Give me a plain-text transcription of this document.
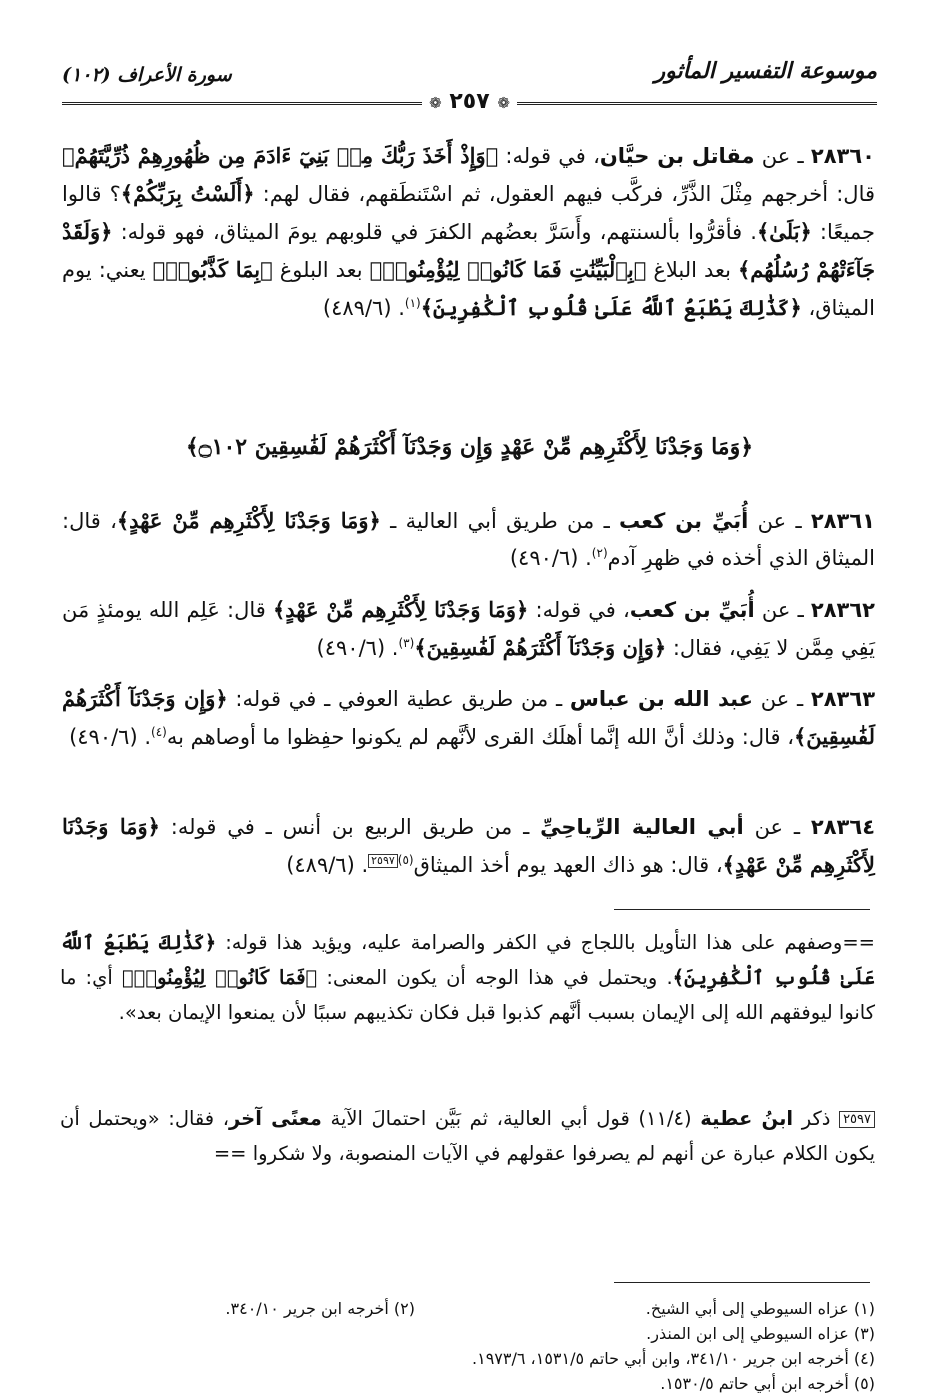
موسوعة التفسير المأثور
سورة الأعراف (١٠٢)
❁ ٢٥٧ ❁

٢٨٣٦٠ ـ عن مقاتل بن حيَّان، في قوله: ﴿وَإِذْ أَخَذَ رَبُّكَ مِنۢ بَنِيٓ ءَادَمَ مِن ظُهُورِهِمْ ذُرِّيَّتَهُمْ﴾ قال: أخرجهم مِثْلَ الذَّرِّ، فركَّب فيهم العقول، ثم اسْتَنطَقهم، فقال لهم: ﴿أَلَسْتُ بِرَبِّكُمْ﴾؟ قالوا جميعًا: ﴿بَلَىٰ﴾. فأقرُّوا بألسنتهم، وأَسَرَّ بعضُهم الكفرَ في قلوبهم يومَ الميثاق، فهو قوله: ﴿وَلَقَدْ جَآءَتْهُمْ رُسُلُهُم﴾ بعد البلاغ ﴿بِٱلْبَيِّنَٰتِ فَمَا كَانُوا۟ لِيُؤْمِنُوا۟﴾ بعد البلوغ ﴿بِمَا كَذَّبُوا۟﴾ يعني: يوم الميثاق، ﴿كَذَٰلِكَ يَطْبَعُ ٱللَّهُ عَلَىٰ قُلُوبِ ٱلْكَٰفِرِينَ﴾$^{(١)}$. (٤٨٩/٦)

﴿وَمَا وَجَدْنَا لِأَكْثَرِهِم مِّنْ عَهْدٍ وَإِن وَجَدْنَآ أَكْثَرَهُمْ لَفَٰسِقِينَ ۝١٠٢﴾

٢٨٣٦١ ـ عن أُبَيِّ بن كعب ـ من طريق أبي العالية ـ ﴿وَمَا وَجَدْنَا لِأَكْثَرِهِم مِّنْ عَهْدٍ﴾، قال: الميثاق الذي أخذه في ظهرِ آدم$^{(٢)}$. (٤٩٠/٦)

٢٨٣٦٢ ـ عن أُبَيِّ بن كعب، في قوله: ﴿وَمَا وَجَدْنَا لِأَكْثَرِهِم مِّنْ عَهْدٍ﴾ قال: عَلِم الله يومئذٍ مَن يَفِي مِمَّن لا يَفِي، فقال: ﴿وَإِن وَجَدْنَآ أَكْثَرَهُمْ لَفَٰسِقِينَ﴾$^{(٣)}$. (٤٩٠/٦)

٢٨٣٦٣ ـ عن عبد الله بن عباس ـ من طريق عطية العوفي ـ في قوله: ﴿وَإِن وَجَدْنَآ أَكْثَرَهُمْ لَفَٰسِقِينَ﴾، قال: وذلك أنَّ الله إنَّما أهلَك القرى لأنَّهم لم يكونوا حفِظوا ما أوصاهم به$^{(٤)}$. (٤٩٠/٦)

٢٨٣٦٤ ـ عن أبي العالية الرِّياحِيِّ ـ من طريق الربيع بن أنس ـ في قوله: ﴿وَمَا وَجَدْنَا لِأَكْثَرِهِم مِّنْ عَهْدٍ﴾، قال: هو ذاك العهد يوم أخذ الميثاق$^{(٥)}$٢٥٩٧. (٤٨٩/٦)

==وصفهم على هذا التأويل باللجاج في الكفر والصرامة عليه، ويؤيد هذا قوله: ﴿كَذَٰلِكَ يَطْبَعُ ٱللَّهُ عَلَىٰ قُلُوبِ ٱلْكَٰفِرِينَ﴾. ويحتمل في هذا الوجه أن يكون المعنى: ﴿فَمَا كَانُوا۟ لِيُؤْمِنُوا۟﴾ أي: ما كانوا ليوفقهم الله إلى الإيمان بسبب أنَّهم كذبوا قبل فكان تكذيبهم سببًا لأن يمنعوا الإيمان بعد».

٢٥٩٧ ذكر ابنُ عطية (١١/٤) قول أبي العالية، ثم بَيَّن احتمالَ الآية معنًى آخر، فقال: «ويحتمل أن يكون الكلام عبارة عن أنهم لم يصرفوا عقولهم في الآيات المنصوبة، ولا شكروا ==

(١) عزاه السيوطي إلى أبي الشيخ.
(٢) أخرجه ابن جرير ٣٤٠/١٠.
(٣) عزاه السيوطي إلى ابن المنذر.
(٤) أخرجه ابن جرير ٣٤١/١٠، وابن أبي حاتم ١٥٣١/٥، ١٩٧٣/٦.
(٥) أخرجه ابن أبي حاتم ١٥٣٠/٥.
